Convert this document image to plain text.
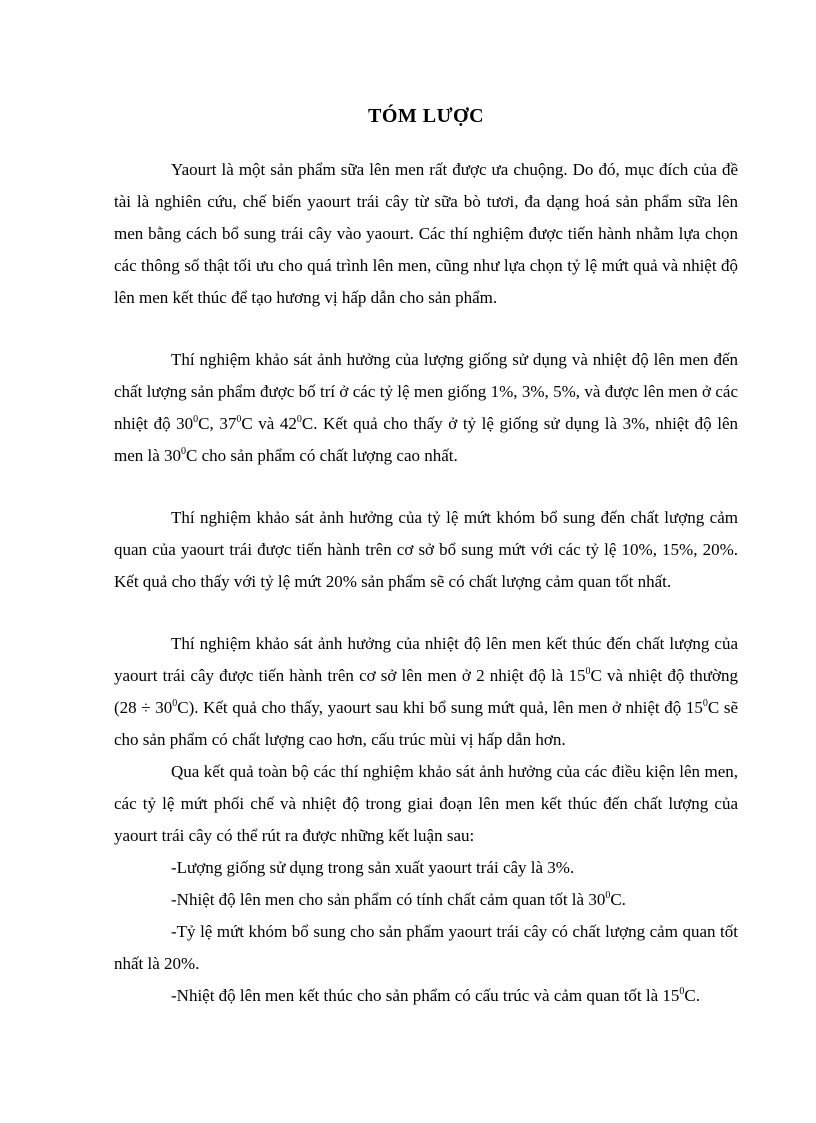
TÓM LƯỢC

Yaourt là một sản phẩm sữa lên men rất được ưa chuộng. Do đó, mục đích của đề tài là nghiên cứu, chế biến yaourt trái cây từ sữa bò tươi, đa dạng hoá sản phẩm sữa lên men bằng cách bổ sung trái cây vào yaourt. Các thí nghiệm được tiến hành nhằm lựa chọn các thông số thật tối ưu cho quá trình lên men, cũng như lựa chọn tỷ lệ mứt quả và nhiệt độ lên men kết thúc để tạo hương vị hấp dẫn cho sản phẩm.

Thí nghiệm khảo sát ảnh hưởng của lượng giống sử dụng và nhiệt độ lên men đến chất lượng sản phẩm được bố trí ở các tỷ lệ men giống 1%, 3%, 5%, và được lên men ở các nhiệt độ $30^0C$, $37^0C$ và $42^0C$. Kết quả cho thấy ở tỷ lệ giống sử dụng là 3%, nhiệt độ lên men là $30^0C$ cho sản phẩm có chất lượng cao nhất.

Thí nghiệm khảo sát ảnh hưởng của tỷ lệ mứt khóm bổ sung đến chất lượng cảm quan của yaourt trái được tiến hành trên cơ sở bổ sung mứt với các tỷ lệ 10%, 15%, 20%. Kết quả cho thấy với tỷ lệ mứt 20% sản phẩm sẽ có chất lượng cảm quan tốt nhất.

Thí nghiệm khảo sát ảnh hưởng của nhiệt độ lên men kết thúc đến chất lượng của yaourt trái cây được tiến hành trên cơ sở lên men ở 2 nhiệt độ là $15^0C$ và nhiệt độ thường $(28 \div 30^0C)$. Kết quả cho thấy, yaourt sau khi bổ sung mứt quả, lên men ở nhiệt độ $15^0C$ sẽ cho sản phẩm có chất lượng cao hơn, cấu trúc mùi vị hấp dẫn hơn.

Qua kết quả toàn bộ các thí nghiệm khảo sát ảnh hưởng của các điều kiện lên men, các tỷ lệ mứt phối chế và nhiệt độ trong giai đoạn lên men kết thúc đến chất lượng của yaourt trái cây có thể rút ra được những kết luận sau:

-Lượng giống sử dụng trong sản xuất yaourt trái cây là 3%.

-Nhiệt độ lên men cho sản phẩm có tính chất cảm quan tốt là $30^0C$.

-Tỷ lệ mứt khóm bổ sung cho sản phẩm yaourt trái cây có chất lượng cảm quan tốt nhất là 20%.

-Nhiệt độ lên men kết thúc cho sản phẩm có cấu trúc và cảm quan tốt là $15^0C$.
